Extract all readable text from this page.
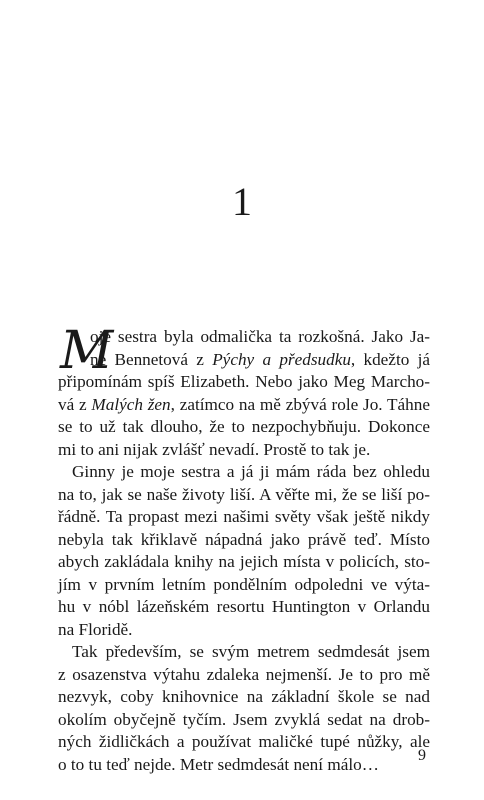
1
M
oje sestra byla odmalička ta rozkošná. Jako Ja-
ne Bennetová z Pýchy a předsudku, kdežto já
připomínám spíš Elizabeth. Nebo jako Meg Marcho-
vá z Malých žen, zatímco na mě zbývá role Jo. Táhne
se to už tak dlouho, že to nezpochybňuju. Dokonce
mi to ani nijak zvlášť nevadí. Prostě to tak je.
Ginny je moje sestra a já ji mám ráda bez ohledu
na to, jak se naše životy liší. A věřte mi, že se liší po-
řádně. Ta propast mezi našimi světy však ještě nikdy
nebyla tak křiklavě nápadná jako právě teď. Místo
abych zakládala knihy na jejich místa v policích, sto-
jím v prvním letním pondělním odpoledni ve výta-
hu v nóbl lázeňském resortu Huntington v Orlandu
na Floridě.
Tak především, se svým metrem sedmdesát jsem
z osazenstva výtahu zdaleka nejmenší. Je to pro mě
nezvyk, coby knihovnice na základní škole se nad
okolím obyčejně tyčím. Jsem zvyklá sedat na drob-
ných židličkách a používat maličké tupé nůžky, ale
o to tu teď nejde. Metr sedmdesát není málo…	9
